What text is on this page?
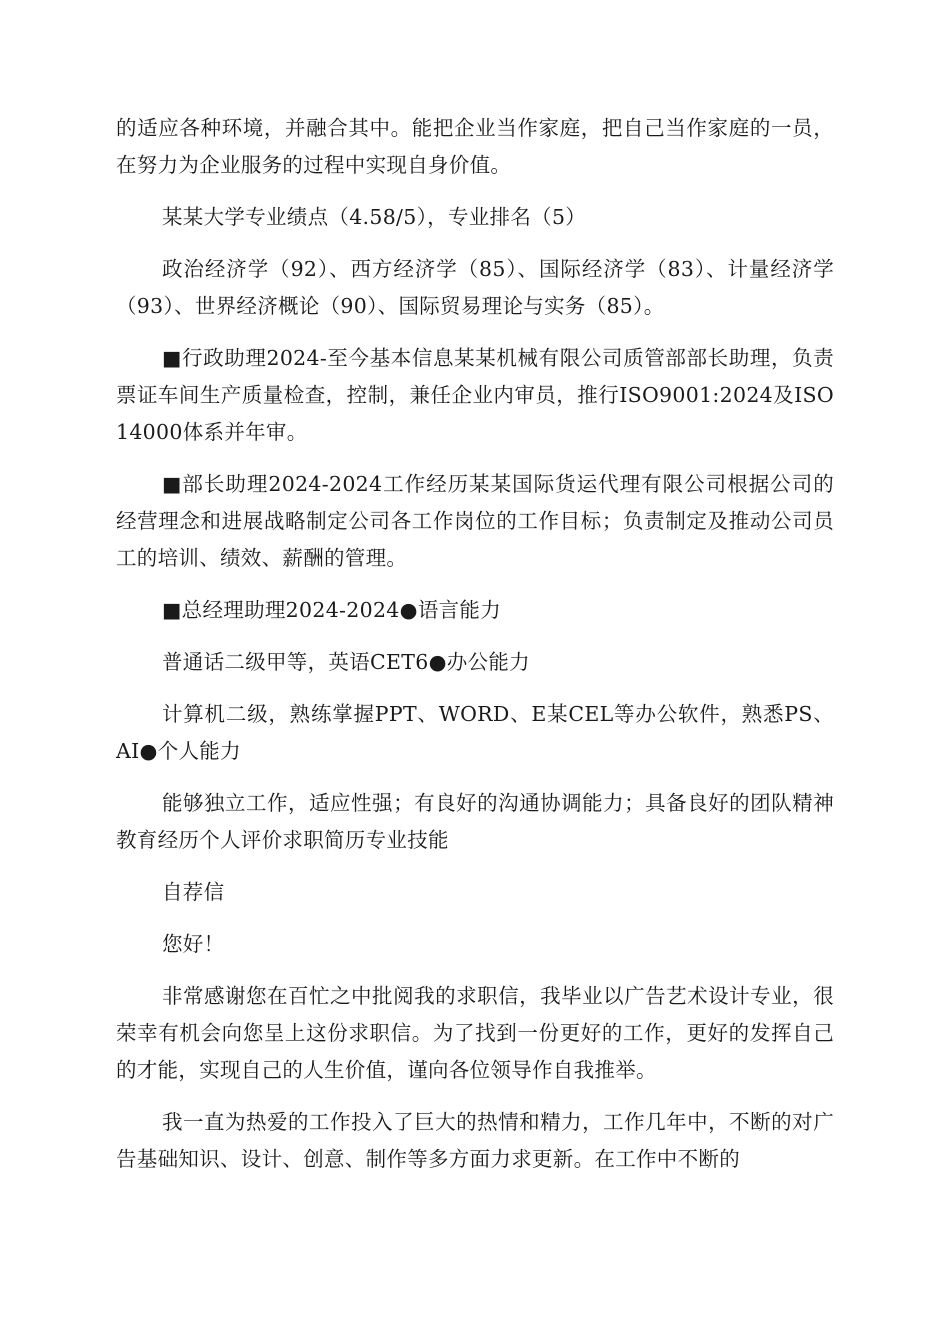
的适应各种环境，并融合其中。能把企业当作家庭，把自己当作家庭的一员，在努力为企业服务的过程中实现自身价值。

某某大学专业绩点（4.58/5），专业排名（5）

政治经济学（92）、西方经济学（85）、国际经济学（83）、计量经济学（93）、世界经济概论（90）、国际贸易理论与实务（85）。

■行政助理2024-至今基本信息某某机械有限公司质管部部长助理，负责票证车间生产质量检查，控制，兼任企业内审员，推行ISO9001:2024及ISO14000体系并年审。

■部长助理2024-2024工作经历某某国际货运代理有限公司根据公司的经营理念和进展战略制定公司各工作岗位的工作目标；负责制定及推动公司员工的培训、绩效、薪酬的管理。

■总经理助理2024-2024●语言能力

普通话二级甲等，英语CET6●办公能力

计算机二级，熟练掌握PPT、WORD、E某CEL等办公软件，熟悉PS、AI●个人能力

能够独立工作，适应性强；有良好的沟通协调能力；具备良好的团队精神教育经历个人评价求职简历专业技能

自荐信

您好！

非常感谢您在百忙之中批阅我的求职信，我毕业以广告艺术设计专业，很荣幸有机会向您呈上这份求职信。为了找到一份更好的工作，更好的发挥自己的才能，实现自己的人生价值，谨向各位领导作自我推举。

我一直为热爱的工作投入了巨大的热情和精力，工作几年中，不断的对广告基础知识、设计、创意、制作等多方面力求更新。在工作中不断的
